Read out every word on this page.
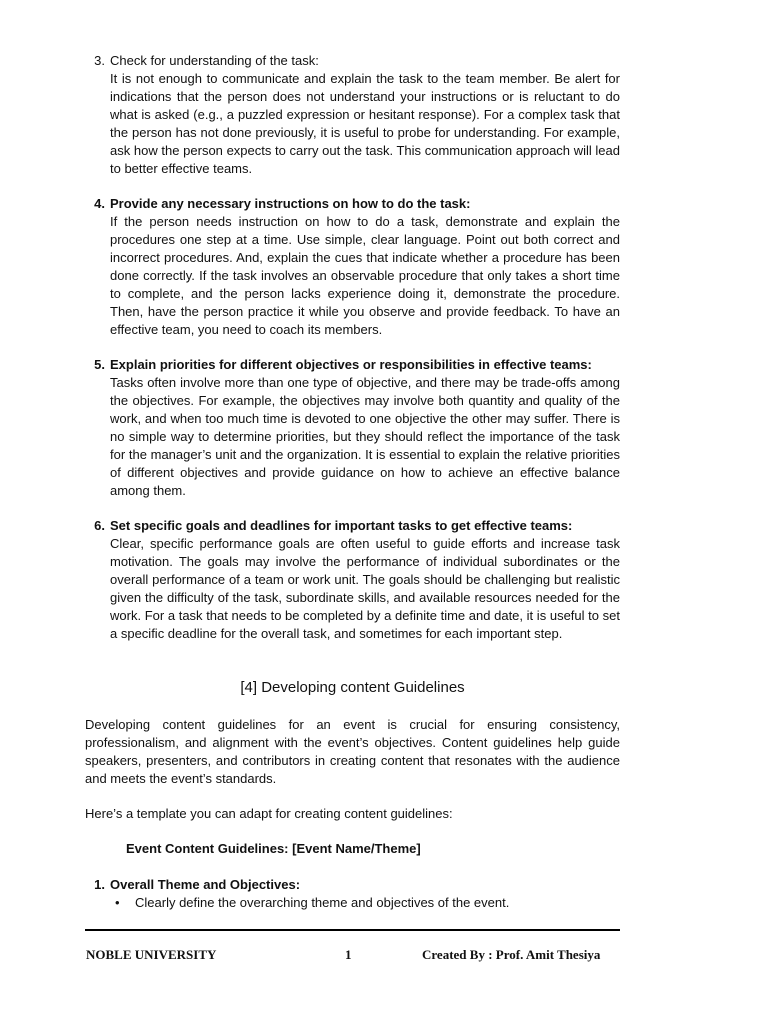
3. Check for understanding of the task:
It is not enough to communicate and explain the task to the team member. Be alert for indications that the person does not understand your instructions or is reluctant to do what is asked (e.g., a puzzled expression or hesitant response). For a complex task that the person has not done previously, it is useful to probe for understanding. For example, ask how the person expects to carry out the task. This communication approach will lead to better effective teams.
4. Provide any necessary instructions on how to do the task:
If the person needs instruction on how to do a task, demonstrate and explain the procedures one step at a time. Use simple, clear language. Point out both correct and incorrect procedures. And, explain the cues that indicate whether a procedure has been done correctly. If the task involves an observable procedure that only takes a short time to complete, and the person lacks experience doing it, demonstrate the procedure. Then, have the person practice it while you observe and provide feedback. To have an effective team, you need to coach its members.
5. Explain priorities for different objectives or responsibilities in effective teams:
Tasks often involve more than one type of objective, and there may be trade-offs among the objectives. For example, the objectives may involve both quantity and quality of the work, and when too much time is devoted to one objective the other may suffer. There is no simple way to determine priorities, but they should reflect the importance of the task for the manager’s unit and the organization. It is essential to explain the relative priorities of different objectives and provide guidance on how to achieve an effective balance among them.
6. Set specific goals and deadlines for important tasks to get effective teams:
Clear, specific performance goals are often useful to guide efforts and increase task motivation. The goals may involve the performance of individual subordinates or the overall performance of a team or work unit. The goals should be challenging but realistic given the difficulty of the task, subordinate skills, and available resources needed for the work. For a task that needs to be completed by a definite time and date, it is useful to set a specific deadline for the overall task, and sometimes for each important step.
[4] Developing content Guidelines
Developing content guidelines for an event is crucial for ensuring consistency, professionalism, and alignment with the event’s objectives. Content guidelines help guide speakers, presenters, and contributors in creating content that resonates with the audience and meets the event’s standards.
Here’s a template you can adapt for creating content guidelines:
Event Content Guidelines: [Event Name/Theme]
1. Overall Theme and Objectives:
• Clearly define the overarching theme and objectives of the event.
NOBLE UNIVERSITY	1	Created By : Prof. Amit Thesiya
